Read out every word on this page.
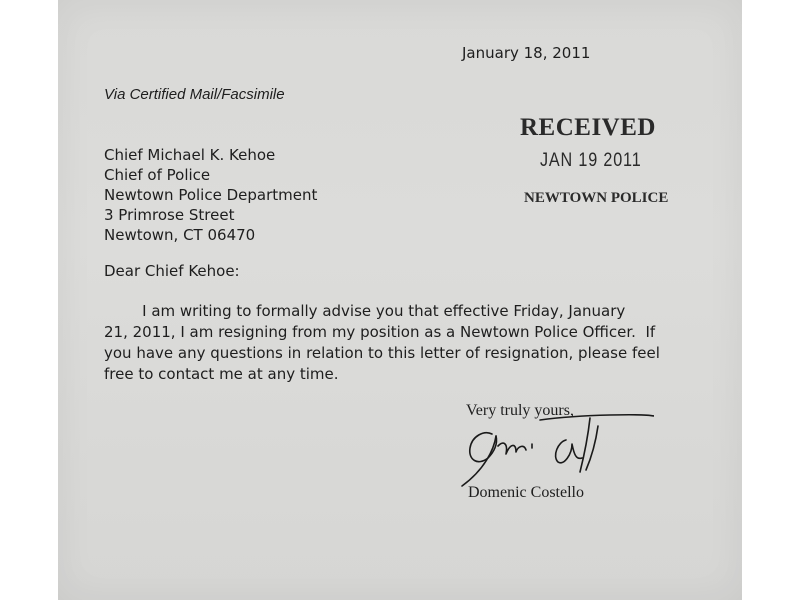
January 18, 2011
Via Certified Mail/Facsimile
RECEIVED
JAN 19 2011
NEWTOWN POLICE
Chief Michael K. Kehoe
Chief of Police
Newtown Police Department
3 Primrose Street
Newtown, CT 06470
Dear Chief Kehoe:
I am writing to formally advise you that effective Friday, January
21, 2011, I am resigning from my position as a Newtown Police Officer.  If
you have any questions in relation to this letter of resignation, please feel
free to contact me at any time.
Very truly yours,
Domenic Costello
